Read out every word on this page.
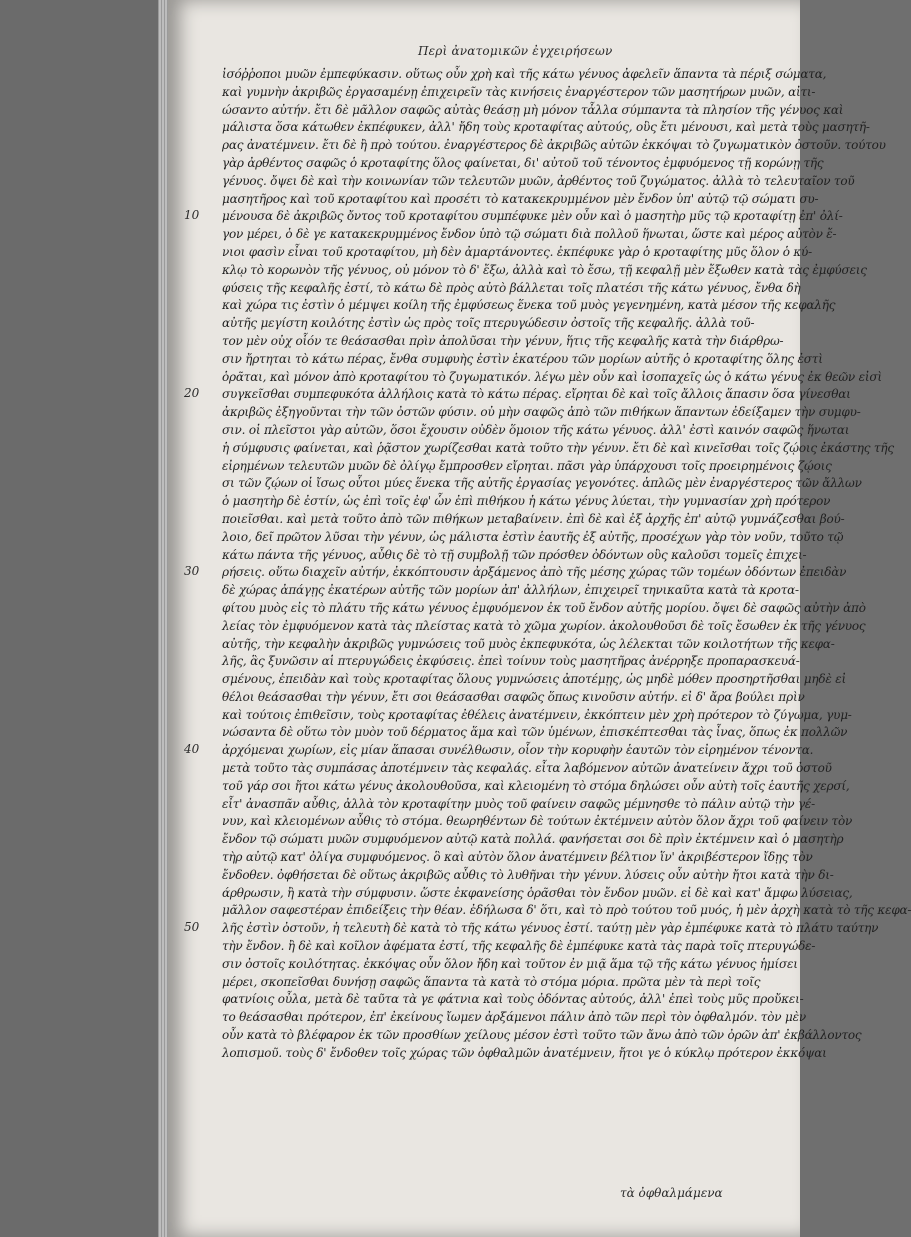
Περὶ ἀνατομικῶν ἐγχειρήσεων
ἰσόῤῥοποι μυῶν ἐμπεφύκασιν. οὕτως οὖν χρὴ καὶ τῆς κάτω γένυος ἀφελεῖν ἅπαντα τὰ πέριξ σώματα,
καὶ γυμνὴν ἀκριβῶς ἐργασαμένῃ ἐπιχειρεῖν τὰς κινήσεις ἐναργέστερον τῶν μασητήρων μυῶν, αἰτι-
ώσαντο αὐτήν. ἔτι δὲ μᾶλλον σαφῶς αὐτὰς θεάσῃ μὴ μόνον τἆλλα σύμπαντα τὰ πλησίον τῆς γένυος καὶ
μάλιστα ὅσα κάτωθεν ἐκπέφυκεν, ἀλλ' ἤδη τοὺς κροταφίτας αὐτούς, οὓς ἔτι μένουσι, καὶ μετὰ τοὺς μασητῆ-
ρας ἀνατέμνειν. ἔτι δὲ ἢ πρὸ τούτου. ἐναργέστερος δὲ ἀκριβῶς αὐτῶν ἐκκόψαι τὸ ζυγωματικὸν ὀστοῦν. τούτου
γὰρ ἀρθέντος σαφῶς ὁ κροταφίτης ὅλος φαίνεται, δι' αὐτοῦ τοῦ τένοντος ἐμφυόμενος τῇ κορώνῃ τῆς
γένυος. ὄψει δὲ καὶ τὴν κοινωνίαν τῶν τελευτῶν μυῶν, ἀρθέντος τοῦ ζυγώματος. ἀλλὰ τὸ τελευταῖον τοῦ
μασητῆρος καὶ τοῦ κροταφίτου καὶ προσέτι τὸ κατακεκρυμμένον μὲν ἔνδον ὑπ' αὐτῷ τῷ σώματι συ-
μένουσα δὲ ἀκριβῶς ὄντος τοῦ κροταφίτου συμπέφυκε μὲν οὖν καὶ ὁ μασητὴρ μῦς τῷ κροταφίτῃ ἐπ' ὀλί-
γον μέρει, ὁ δὲ γε κατακεκρυμμένος ἔνδον ὑπὸ τῷ σώματι διὰ πολλοῦ ἥνωται, ὥστε καὶ μέρος αὐτὸν ἔ-
νιοι φασὶν εἶναι τοῦ κροταφίτου, μὴ δὲν ἀμαρτάνοντες. ἐκπέφυκε γὰρ ὁ κροταφίτης μῦς ὅλον ὁ κύ-
κλῳ τὸ κορωνὸν τῆς γένυος, οὐ μόνον τὸ δ' ἔξω, ἀλλὰ καὶ τὸ ἔσω, τῇ κεφαλῇ μὲν ἔξωθεν κατὰ τὰς ἐμφύσεις
φύσεις τῆς κεφαλῆς ἐστί, τὸ κάτω δὲ πρὸς αὐτὸ βάλλεται τοῖς πλατέσι τῆς κάτω γένυος, ἔνθα δὴ
καὶ χώρα τις ἐστὶν ὁ μέμψει κοίλη τῆς ἐμφύσεως ἕνεκα τοῦ μυὸς γεγενημένη, κατὰ μέσον τῆς κεφαλῆς
αὐτῆς μεγίστη κοιλότης ἐστὶν ὡς πρὸς τοῖς πτερυγώδεσιν ὀστοῖς τῆς κεφαλῆς. ἀλλὰ τοῦ-
τον μὲν οὐχ οἷόν τε θεάσασθαι πρὶν ἀπολῦσαι τὴν γένυν, ἥτις τῆς κεφαλῆς κατὰ τὴν διάρθρω-
σιν ἤρτηται τὸ κάτω πέρας, ἔνθα συμφυὴς ἐστὶν ἑκατέρου τῶν μορίων αὐτῆς ὁ κροταφίτης ὅλης ἐστὶ
ὁρᾶται, καὶ μόνον ἀπὸ κροταφίτου τὸ ζυγωματικόν. λέγω μὲν οὖν καὶ ἰσοπαχεῖς ὡς ὁ κάτω γένυς ἐκ θεῶν εἰσὶ
συγκεῖσθαι συμπεφυκότα ἀλλήλοις κατὰ τὸ κάτω πέρας. εἴρηται δὲ καὶ τοῖς ἄλλοις ἅπασιν ὅσα γίνεσθαι
ἀκριβῶς ἐξηγοῦνται τὴν τῶν ὀστῶν φύσιν. οὐ μὴν σαφῶς ἀπὸ τῶν πιθήκων ἅπαντων ἐδείξαμεν τὴν συμφυ-
σιν. οἱ πλεῖστοι γὰρ αὐτῶν, ὅσοι ἔχουσιν οὐδὲν ὅμοιον τῆς κάτω γένυος. ἀλλ' ἐστὶ καινόν σαφῶς ἥνωται
ἡ σύμφυσις φαίνεται, καὶ ῥᾷστον χωρίζεσθαι κατὰ τοῦτο τὴν γένυν. ἔτι δὲ καὶ κινεῖσθαι τοῖς ζῴοις ἐκάστης τῆς
εἰρημένων τελευτῶν μυῶν δὲ ὀλίγῳ ἔμπροσθεν εἴρηται. πᾶσι γὰρ ὑπάρχουσι τοῖς προειρημένοις ζῴοις
σι τῶν ζῴων οἱ ἴσως οὗτοι μύες ἕνεκα τῆς αὐτῆς ἐργασίας γεγονότες. ἁπλῶς μὲν ἐναργέστερος τῶν ἄλλων
ὁ μασητὴρ δὲ ἐστίν, ὡς ἐπὶ τοῖς ἐφ' ὧν ἐπὶ πιθήκου ἡ κάτω γένυς λύεται, τὴν γυμνασίαν χρὴ πρότερον
ποιεῖσθαι. καὶ μετὰ τοῦτο ἀπὸ τῶν πιθήκων μεταβαίνειν. ἐπὶ δὲ καὶ ἐξ ἀρχῆς ἐπ' αὐτῷ γυμνάζεσθαι βού-
λοιο, δεῖ πρῶτον λῦσαι τὴν γένυν, ὡς μάλιστα ἐστὶν ἑαυτῆς ἐξ αὐτῆς, προσέχων γὰρ τὸν νοῦν, τοῦτο τῷ
κάτω πάντα τῆς γένυος, αὖθις δὲ τὸ τῇ συμβολῇ τῶν πρόσθεν ὀδόντων οὓς καλοῦσι τομεῖς ἐπιχει-
ρήσεις. οὕτω διαχεῖν αὐτήν, ἐκκόπτουσιν ἀρξάμενος ἀπὸ τῆς μέσης χώρας τῶν τομέων ὀδόντων ἐπειδὰν
δὲ χώρας ἀπάγῃς ἐκατέρων αὐτῆς τῶν μορίων ἀπ' ἀλλήλων, ἐπιχειρεῖ τηνικαῦτα κατὰ τὰ κροτα-
φίτου μυὸς εἰς τὸ πλάτυ τῆς κάτω γένυος ἐμφυόμενον ἐκ τοῦ ἔνδον αὐτῆς μορίου. ὄψει δὲ σαφῶς αὐτὴν ἀπὸ
λείας τὸν ἐμφυόμενον κατὰ τὰς πλείστας κατὰ τὸ χῶμα χωρίον. ἀκολουθοῦσι δὲ τοῖς ἔσωθεν ἐκ τῆς γένυος
αὐτῆς, τὴν κεφαλὴν ἀκριβῶς γυμνώσεις τοῦ μυὸς ἐκπεφυκότα, ὡς λέλεκται τῶν κοιλοτήτων τῆς κεφα-
λῆς, ἃς ξυνῶσιν αἱ πτερυγώδεις ἐκφύσεις. ἐπεὶ τοίνυν τοὺς μασητῆρας ἀνέρρηξε προπαρασκευά-
σμένους, ἐπειδὰν καὶ τοὺς κροταφίτας ὅλους γυμνώσεις ἀποτέμῃς, ὡς μηδὲ μόθεν προσηρτῆσθαι μηδὲ εἰ
θέλοι θεάσασθαι τὴν γένυν, ἔτι σοι θεάσασθαι σαφῶς ὅπως κινοῦσιν αὐτήν. εἰ δ' ἄρα βούλει πρὶν
καὶ τούτοις ἐπιθεῖσιν, τοὺς κροταφίτας ἐθέλεις ἀνατέμνειν, ἐκκόπτειν μὲν χρὴ πρότερον τὸ ζύγωμα, γυμ-
νώσαντα δὲ οὕτω τὸν μυὸν τοῦ δέρματος ἅμα καὶ τῶν ὑμένων, ἐπισκέπτεσθαι τὰς ἶνας, ὅπως ἐκ πολλῶν
ἀρχόμεναι χωρίων, εἰς μίαν ἅπασαι συνέλθωσιν, οἷον τὴν κορυφὴν ἑαυτῶν τὸν εἰρημένον τένοντα.
μετὰ τοῦτο τὰς συμπάσας ἀποτέμνειν τὰς κεφαλάς. εἶτα λαβόμενον αὐτῶν ἀνατείνειν ἄχρι τοῦ ὀστοῦ
τοῦ γάρ σοι ἤτοι κάτω γένυς ἀκολουθοῦσα, καὶ κλειομένη τὸ στόμα δηλώσει οὖν αὐτὴ τοῖς ἑαυτῆς χερσί,
εἶτ' ἀνασπᾶν αὖθις, ἀλλὰ τὸν κροταφίτην μυὸς τοῦ φαίνειν σαφῶς μέμνησθε τὸ πάλιν αὐτῷ τὴν γέ-
νυν, καὶ κλειομένων αὖθις τὸ στόμα. θεωρηθέντων δὲ τούτων ἐκτέμνειν αὐτὸν ὅλον ἄχρι τοῦ φαίνειν τὸν
ἔνδον τῷ σώματι μυῶν συμφυόμενον αὐτῷ κατὰ πολλά. φανήσεται σοι δὲ πρὶν ἐκτέμνειν καὶ ὁ μασητὴρ
τὴρ αὐτῷ κατ' ὀλίγα συμφυόμενος. ὃ καὶ αὐτὸν ὅλον ἀνατέμνειν βέλτιον ἵν' ἀκριβέστερον ἴδῃς τὸν
ἔνδοθεν. ὀφθήσεται δὲ οὕτως ἀκριβῶς αὖθις τὸ λυθῆναι τὴν γένυν. λύσεις οὖν αὐτὴν ἤτοι κατὰ τὴν δι-
άρθρωσιν, ἢ κατὰ τὴν σύμφυσιν. ὥστε ἐκφανείσης ὁρᾶσθαι τὸν ἔνδον μυῶν. εἰ δὲ καὶ κατ' ἄμφω λύσειας,
μᾶλλον σαφεστέραν ἐπιδείξεις τὴν θέαν. ἐδήλωσα δ' ὅτι, καὶ τὸ πρὸ τούτου τοῦ μυός, ἡ μὲν ἀρχὴ κατὰ τὸ τῆς κεφα-
λῆς ἐστὶν ὀστοῦν, ἡ τελευτὴ δὲ κατὰ τὸ τῆς κάτω γένυος ἐστί. ταύτῃ μὲν γὰρ ἐμπέφυκε κατὰ τὸ πλάτυ ταύτην
τὴν ἔνδον. ἢ δὲ καὶ κοῖλον ἀφέματα ἐστί, τῆς κεφαλῆς δὲ ἐμπέφυκε κατὰ τὰς παρὰ τοῖς πτερυγώδε-
σιν ὀστοῖς κοιλότητας. ἐκκόψας οὖν ὅλον ἤδη καὶ τοῦτον ἐν μιᾷ ἅμα τῷ τῆς κάτω γένυος ἡμίσει
μέρει, σκοπεῖσθαι δυνήσῃ σαφῶς ἅπαντα τὰ κατὰ τὸ στόμα μόρια. πρῶτα μὲν τὰ περὶ τοῖς
φατνίοις οὖλα, μετὰ δὲ ταῦτα τὰ γε φάτνια καὶ τοὺς ὀδόντας αὐτούς, ἀλλ' ἐπεὶ τοὺς μῦς προὔκει-
το θεάσασθαι πρότερον, ἐπ' ἐκείνους ἴωμεν ἀρξάμενοι πάλιν ἀπὸ τῶν περὶ τὸν ὀφθαλμόν. τὸν μὲν
οὖν κατὰ τὸ βλέφαρον ἐκ τῶν προσθίων χείλους μέσον ἐστὶ τοῦτο τῶν ἄνω ἀπὸ τῶν ὀρῶν ἀπ' ἐκβάλλοντος
λοπισμοῦ. τοὺς δ' ἔνδοθεν τοῖς χώρας τῶν ὀφθαλμῶν ἀνατέμνειν, ἤτοι γε ὁ κύκλῳ πρότερον ἐκκόψαι
10
20
30
40
50
τὰ ὀφθαλμάμενα
